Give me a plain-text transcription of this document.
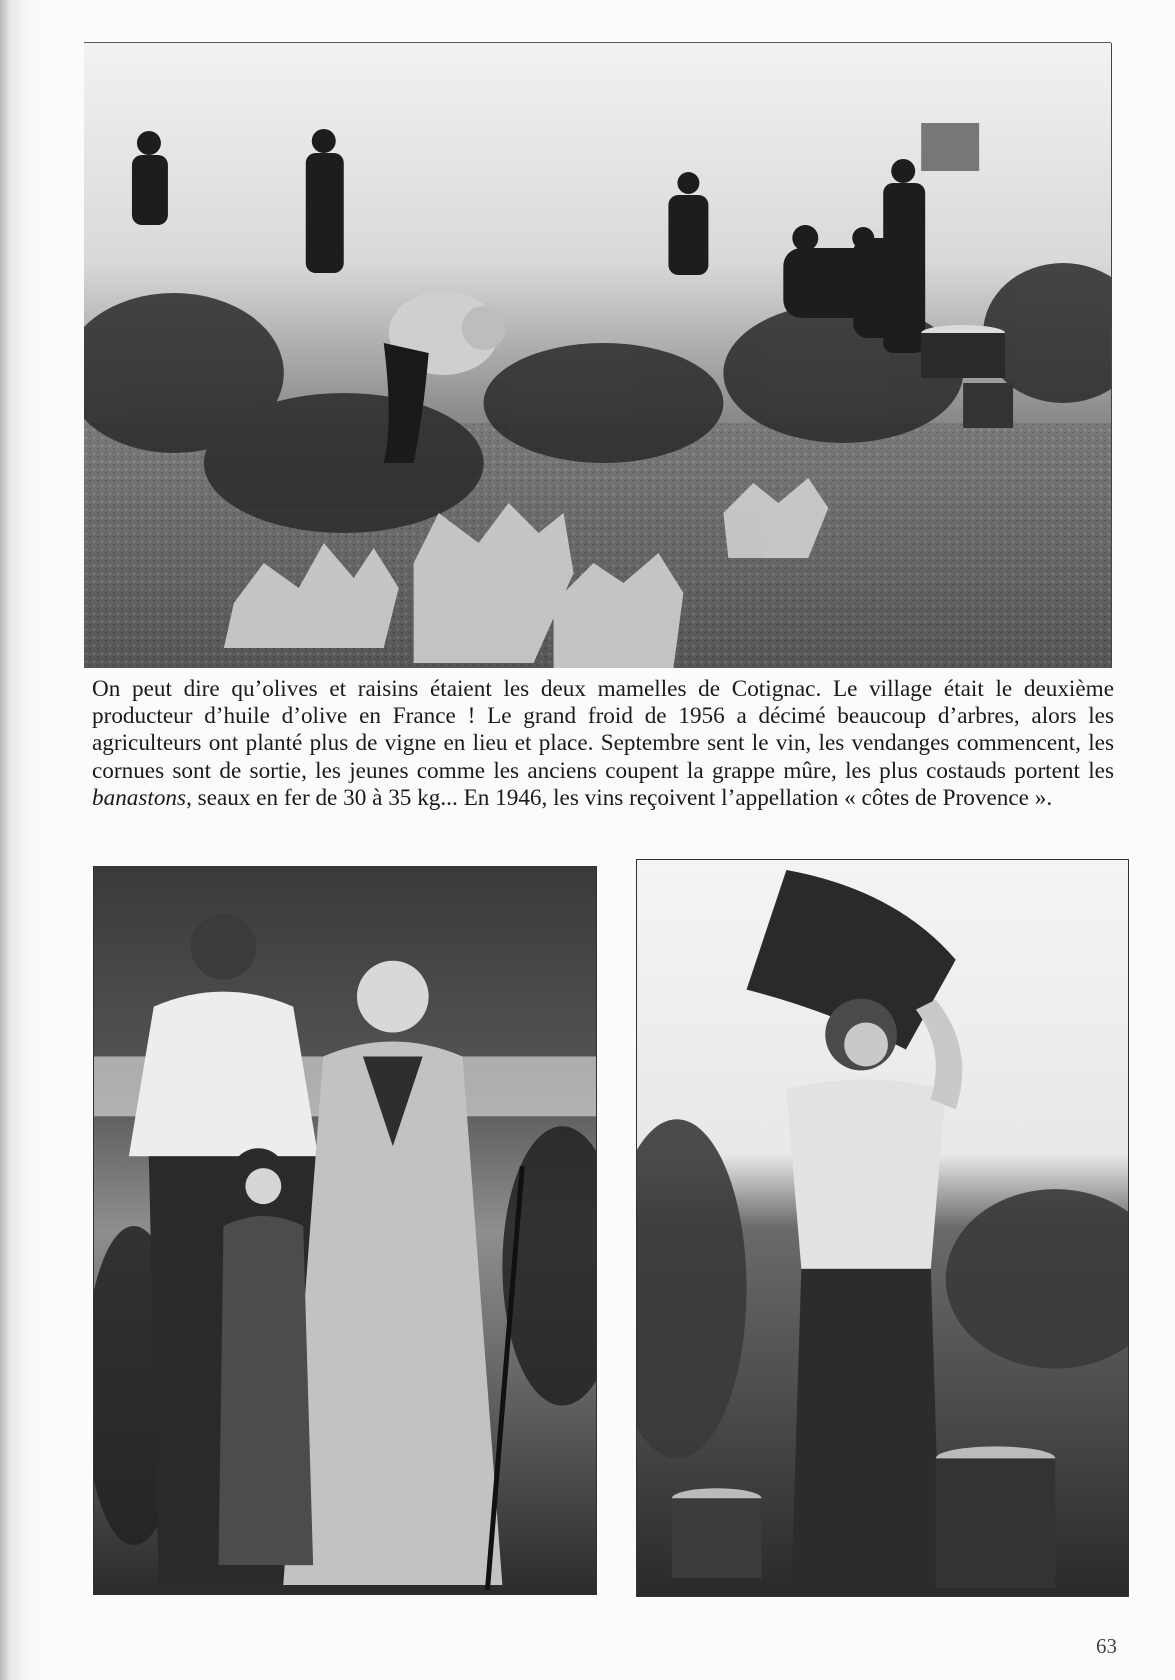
On peut dire qu’olives et raisins étaient les deux mamelles de Cotignac. Le village était le deuxième producteur d’huile d’olive en France ! Le grand froid de 1956 a décimé beaucoup d’arbres, alors les agriculteurs ont planté plus de vigne en lieu et place. Septembre sent le vin, les vendanges commencent, les cornues sont de sortie, les jeunes comme les anciens coupent la grappe mûre, les plus costauds portent les banastons, seaux en fer de 30 à 35 kg... En 1946, les vins reçoivent l’appellation « côtes de Provence ».

63
